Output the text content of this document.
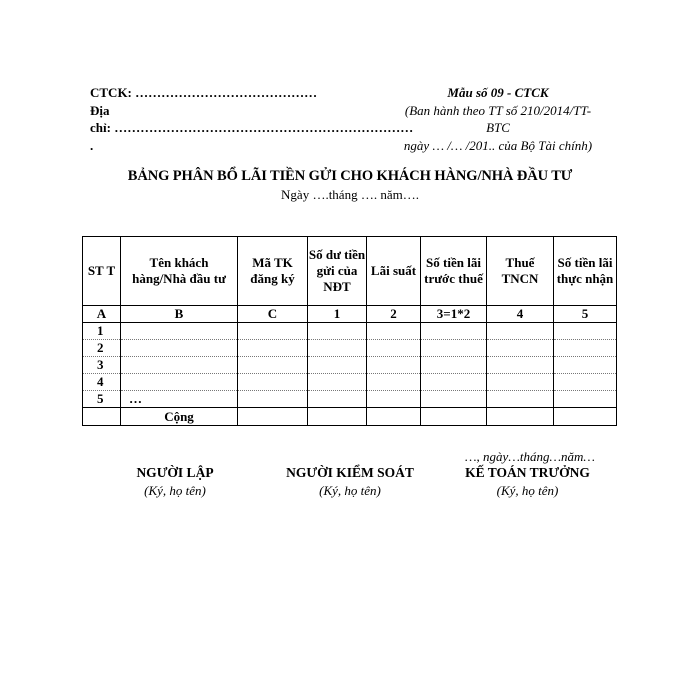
CTCK: ……………………………………
Địa
chỉ: ……………………………………………………………
.
Mẫu số 09 - CTCK
(Ban hành theo TT số 210/2014/TT-
BTC
ngày … /… /201.. của Bộ Tài chính)
BẢNG PHÂN BỔ LÃI TIỀN GỬI CHO KHÁCH HÀNG/NHÀ ĐẦU TƯ
Ngày ….tháng …. năm….
ST T	Tên khách hàng/Nhà đầu tư	Mã TK đăng ký	Số dư tiền gửi của NĐT	Lãi suất	Số tiền lãi trước thuế	Thuế TNCN	Số tiền lãi thực nhận
A	B	C	1	2	3=1*2	4	5
1							
2							
3							
4							
5	…						
	Cộng						
…, ngày…tháng…năm…
NGƯỜI LẬP
(Ký, họ tên)
NGƯỜI KIỂM SOÁT
(Ký, họ tên)
KẾ TOÁN TRƯỞNG
(Ký, họ tên)
